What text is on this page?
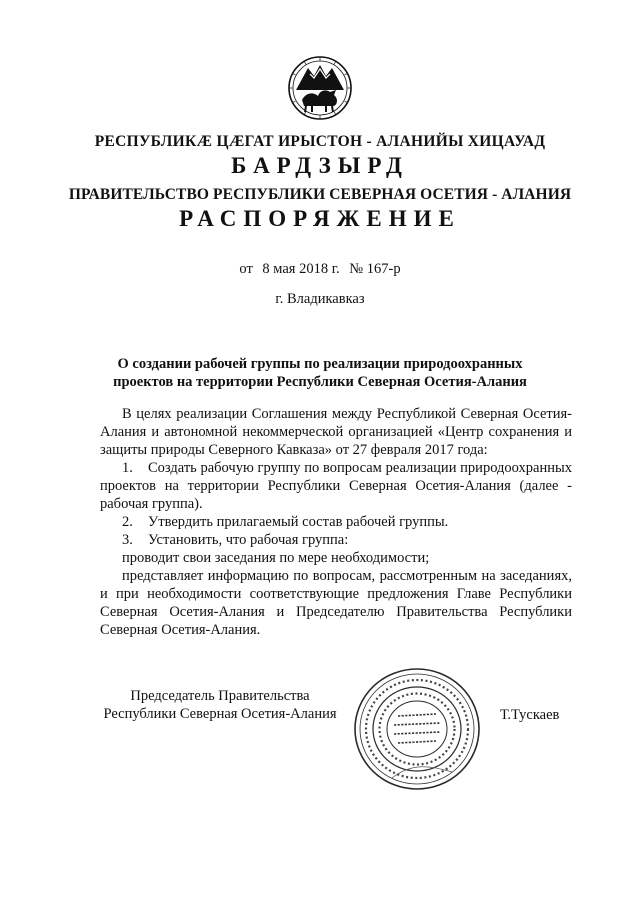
РЕСПУБЛИКÆ ЦÆГАТ ИРЫСТОН - АЛАНИЙЫ ХИЦАУАД
БАРДЗЫРД
ПРАВИТЕЛЬСТВО РЕСПУБЛИКИ СЕВЕРНАЯ ОСЕТИЯ - АЛАНИЯ
РАСПОРЯЖЕНИЕ
от 8 мая 2018 г. № 167-р
г. Владикавказ
О создании рабочей группы по реализации природоохранных проектов на территории Республики Северная Осетия-Алания

В целях реализации Соглашения между Республикой Северная Осетия- Алания и автономной некоммерческой организацией «Центр сохранения и защиты природы Северного Кавказа» от 27 февраля 2017 года:

1. Создать рабочую группу по вопросам реализации природоохранных проектов на территории Республики Северная Осетия-Алания (далее - рабочая группа).

2. Утвердить прилагаемый состав рабочей группы.

3. Установить, что рабочая группа:

проводит свои заседания по мере необходимости;

представляет информацию по вопросам, рассмотренным на заседаниях, и при необходимости соответствующие предложения Главе Республики Северная Осетия-Алания и Председателю Правительства Республики Северная Осетия-Алания.

Председатель Правительства
Республики Северная Осетия-Алания	Т.Тускаев
